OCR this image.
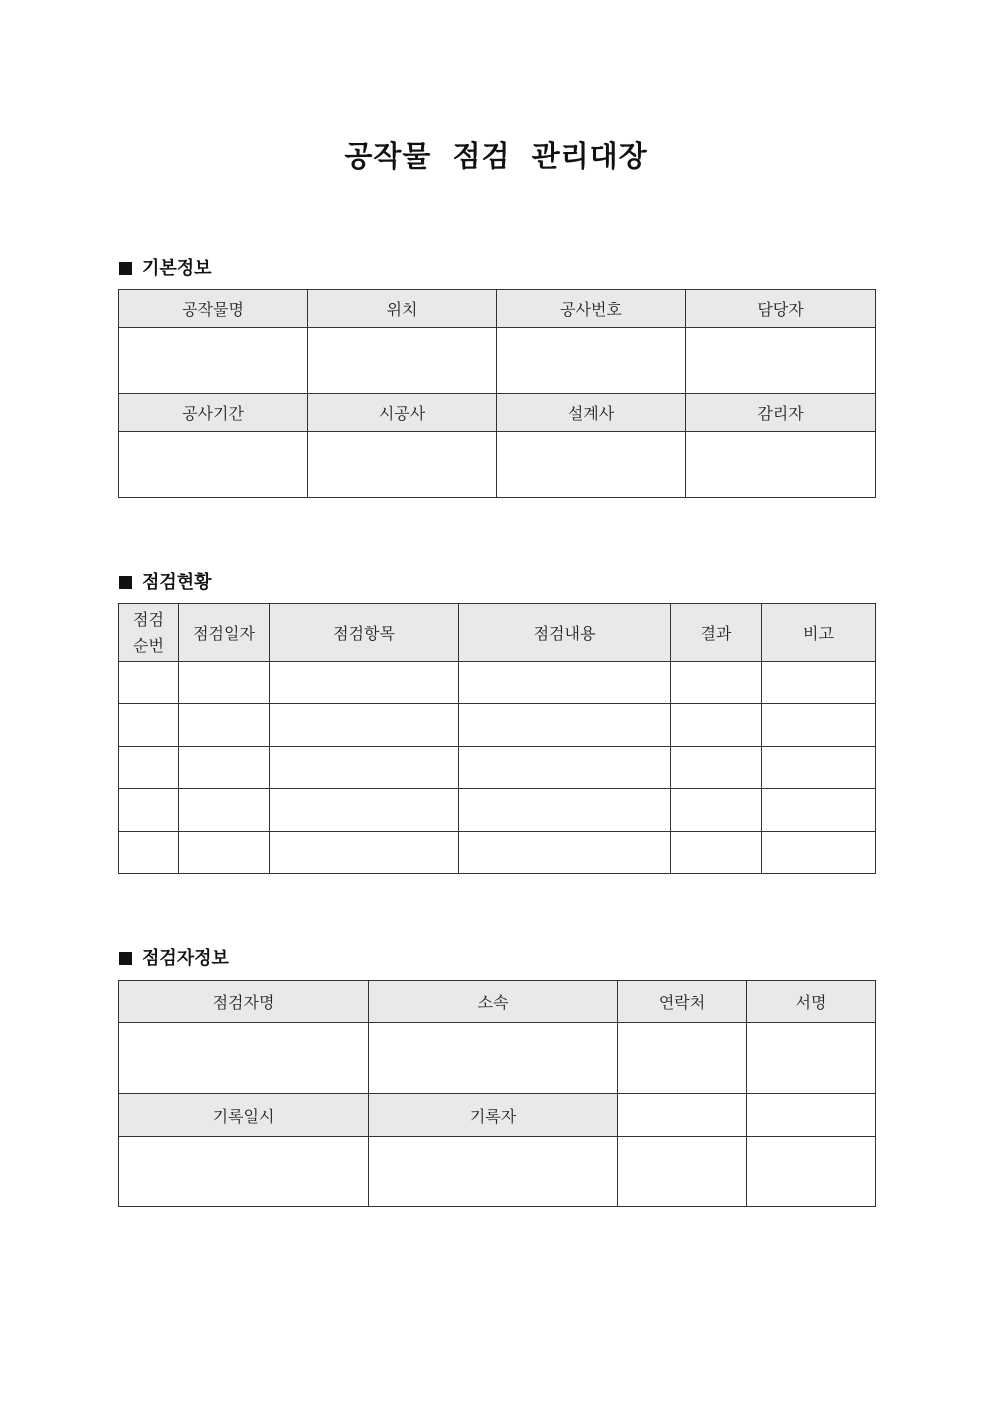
공작물 점검 관리대장
기본정보
공작물명	위치	공사번호	담당자

공사기간	시공사	설계사	감리자

점검현황
점검
순번	점검일자	점검항목	점검내용	결과	비고

점검자정보
점검자명	소속	연락처	서명

기록일시	기록자		
